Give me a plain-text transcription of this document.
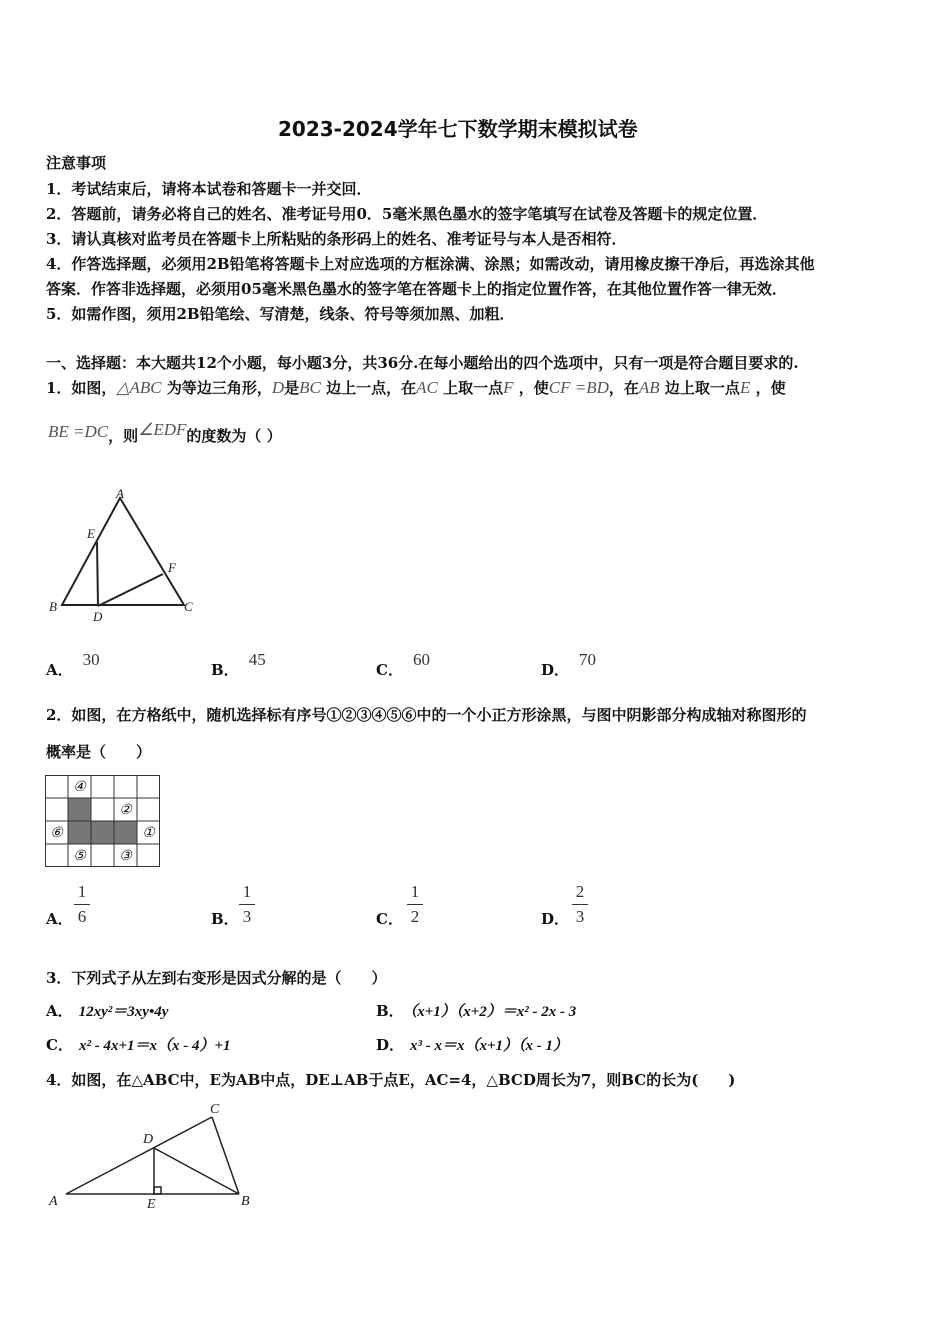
2023-2024学年七下数学期末模拟试卷
注意事项
1．考试结束后，请将本试卷和答题卡一并交回．
2．答题前，请务必将自己的姓名、准考证号用0．5毫米黑色墨水的签字笔填写在试卷及答题卡的规定位置．
3．请认真核对监考员在答题卡上所粘贴的条形码上的姓名、准考证号与本人是否相符．
4．作答选择题，必须用2B铅笔将答题卡上对应选项的方框涂满、涂黑；如需改动，请用橡皮擦干净后，再选涂其他
答案．作答非选择题，必须用05毫米黑色墨水的签字笔在答题卡上的指定位置作答，在其他位置作答一律无效．
5．如需作图，须用2B铅笔绘、写清楚，线条、符号等须加黑、加粗．
一、选择题：本大题共12个小题，每小题3分，共36分.在每小题给出的四个选项中，只有一项是符合题目要求的.
1．如图，△ABC 为等边三角形，D是BC 边上一点，在AC 上取一点F ，使CF =BD，在AB 边上取一点E ，使
BE =DC，则∠EDF的度数为（ ）
A
E
F
B
D
C
A．30
B．45
C．60
D．70
2．如图，在方格纸中，随机选择标有序号①②③④⑤⑥中的一个小正方形涂黑，与图中阴影部分构成轴对称图形的
概率是（　　）
④
②
⑥	①
⑤ ③
A．
1
6	B．
1
3	C．
1
2	D．
2
3
3．下列式子从左到右变形是因式分解的是（　　）
A． 12xy²＝3xy•4y	B． （x+1）（x+2）＝x² - 2x - 3
C． x² - 4x+1＝x（x - 4）+1	D． x³ - x＝x（x+1）（x - 1）
4．如图，在△ABC中，E为AB中点，DE⊥AB于点E，AC=4，△BCD周长为7，则BC的长为(　　)
C
D
A	E	B
